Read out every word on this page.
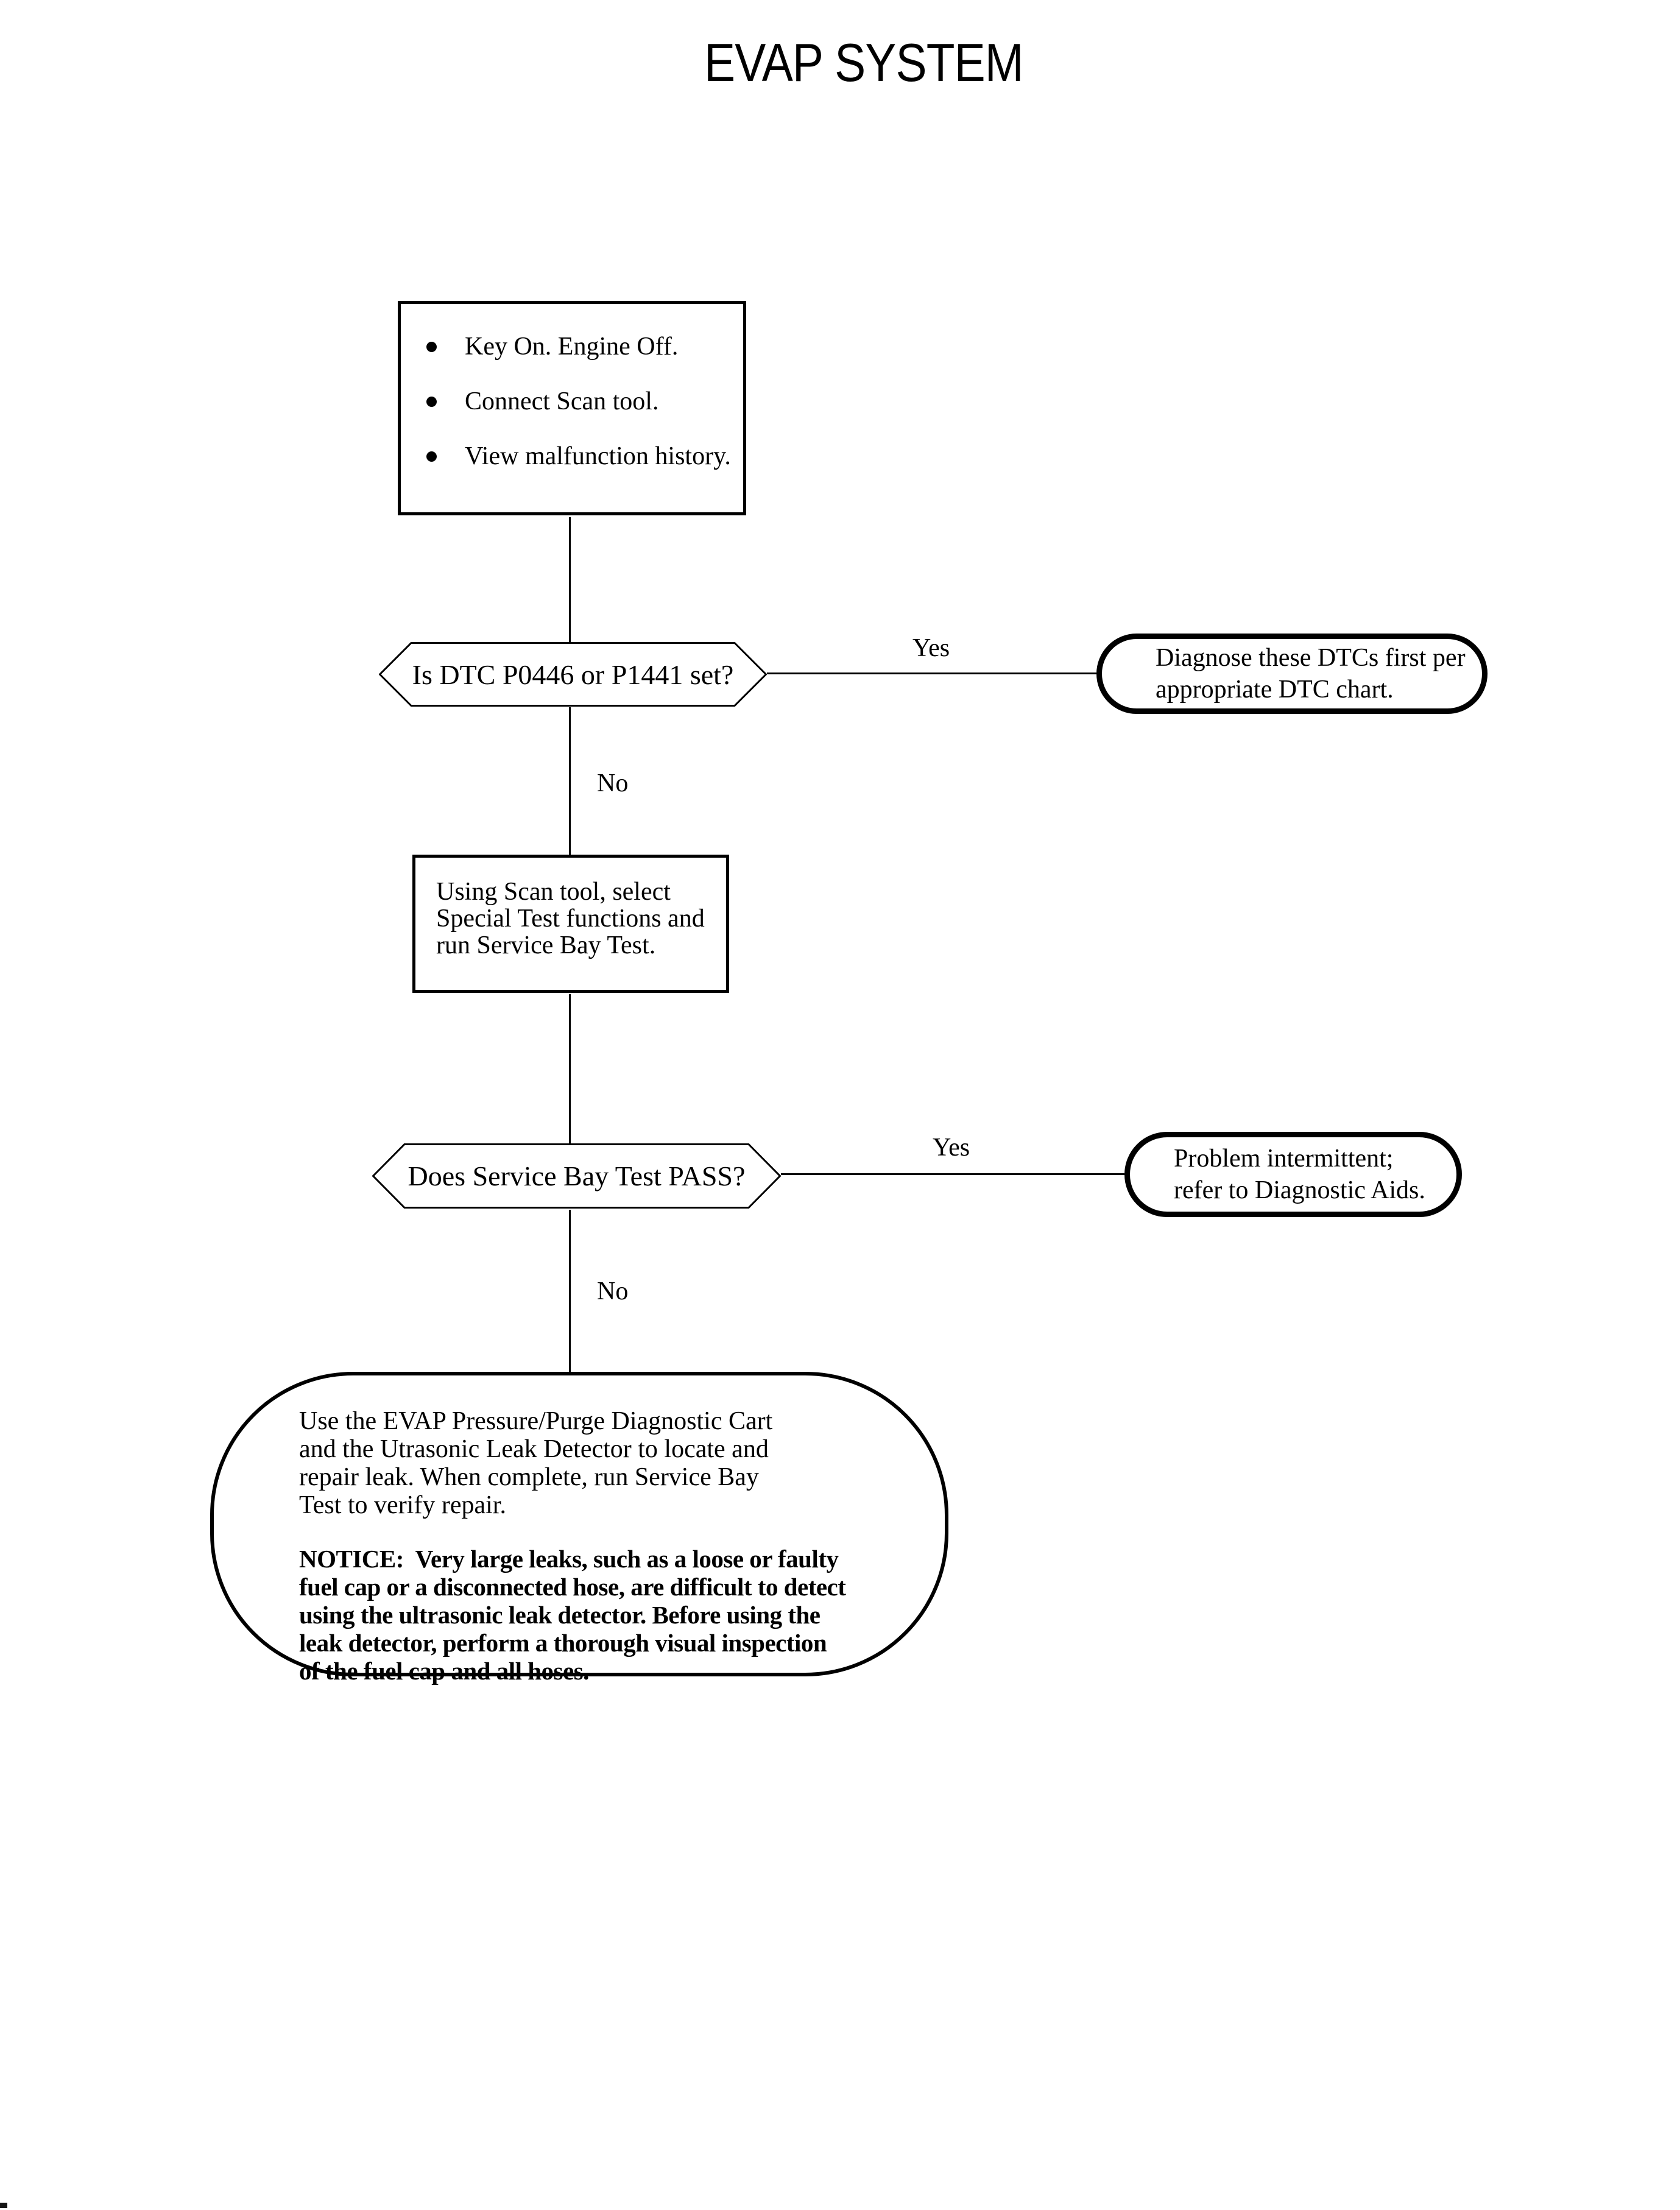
EVAP SYSTEM
Key On. Engine Off.
Connect Scan tool.
View malfunction history.
Is DTC P0446 or P1441 set?
Yes	Diagnose these DTCs first per
appropriate DTC chart.
No
Using Scan tool, select
Special Test functions and
run Service Bay Test.
Does Service Bay Test PASS?
Yes	Problem intermittent;
refer to Diagnostic Aids.
No
Use the EVAP Pressure/Purge Diagnostic Cart
and the Utrasonic Leak Detector to locate and
repair leak. When complete, run Service Bay
Test to verify repair.
NOTICE:  Very large leaks, such as a loose or faulty
fuel cap or a disconnected hose, are difficult to detect
using the ultrasonic leak detector. Before using the
leak detector, perform a thorough visual inspection
of the fuel cap and all hoses.
